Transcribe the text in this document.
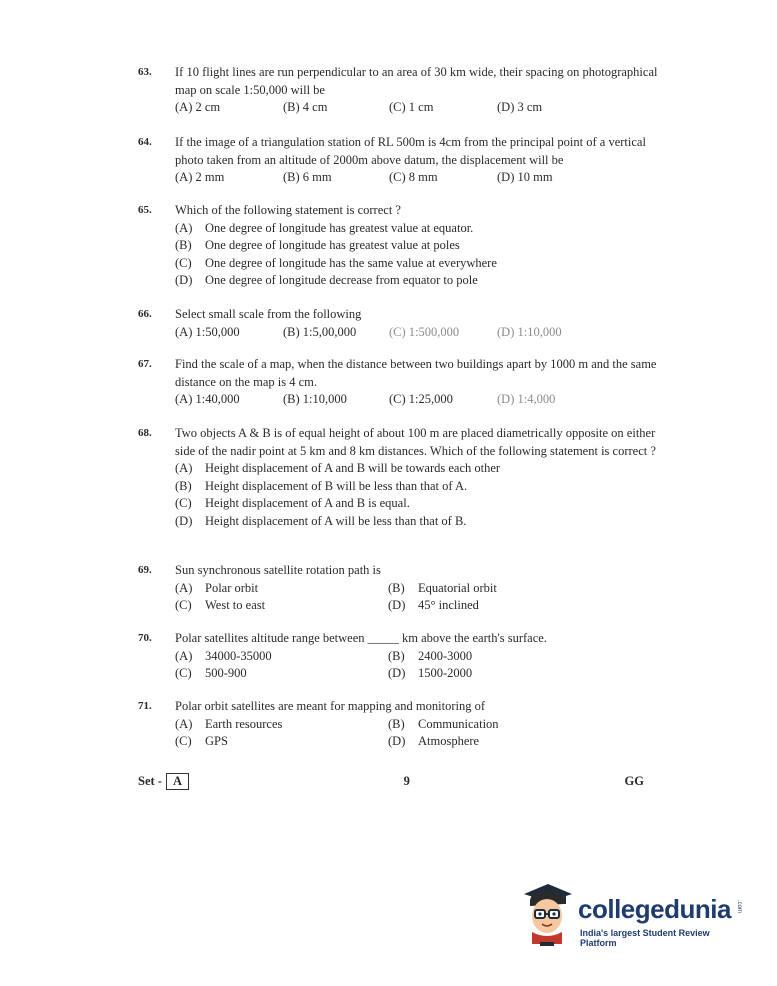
63. If 10 flight lines are run perpendicular to an area of 30 km wide, their spacing on photographical map on scale 1:50,000 will be
(A) 2 cm	(B) 4 cm	(C) 1 cm	(D) 3 cm
64. If the image of a triangulation station of RL 500m is 4cm from the principal point of a vertical photo taken from an altitude of 2000m above datum, the displacement will be
(A) 2 mm	(B) 6 mm	(C) 8 mm	(D) 10 mm
65. Which of the following statement is correct ?
(A) One degree of longitude has greatest value at equator.
(B) One degree of longitude has greatest value at poles
(C) One degree of longitude has the same value at everywhere
(D) One degree of longitude decrease from equator to pole
66. Select small scale from the following
(A) 1:50,000	(B) 1:5,00,000	(C) 1:500,000	(D) 1:10,000
67. Find the scale of a map, when the distance between two buildings apart by 1000 m and the same distance on the map is 4 cm.
(A) 1:40,000	(B) 1:10,000	(C) 1:25,000	(D) 1:4,000
68. Two objects A & B is of equal height of about 100 m are placed diametrically opposite on either side of the nadir point at 5 km and 8 km distances. Which of the following statement is correct ?
(A) Height displacement of A and B will be towards each other
(B) Height displacement of B will be less than that of A.
(C) Height displacement of A and B is equal.
(D) Height displacement of A will be less than that of B.
69. Sun synchronous satellite rotation path is
(A) Polar orbit	(B) Equatorial orbit
(C) West to east	(D) 45° inclined
70. Polar satellites altitude range between _____ km above the earth's surface.
(A) 34000-35000	(B) 2400-3000
(C) 500-900	(D) 1500-2000
71. Polar orbit satellites are meant for mapping and monitoring of
(A) Earth resources	(B) Communication
(C) GPS	(D) Atmosphere
Set - A	9	GG
collegedunia .com
India's largest Student Review Platform
